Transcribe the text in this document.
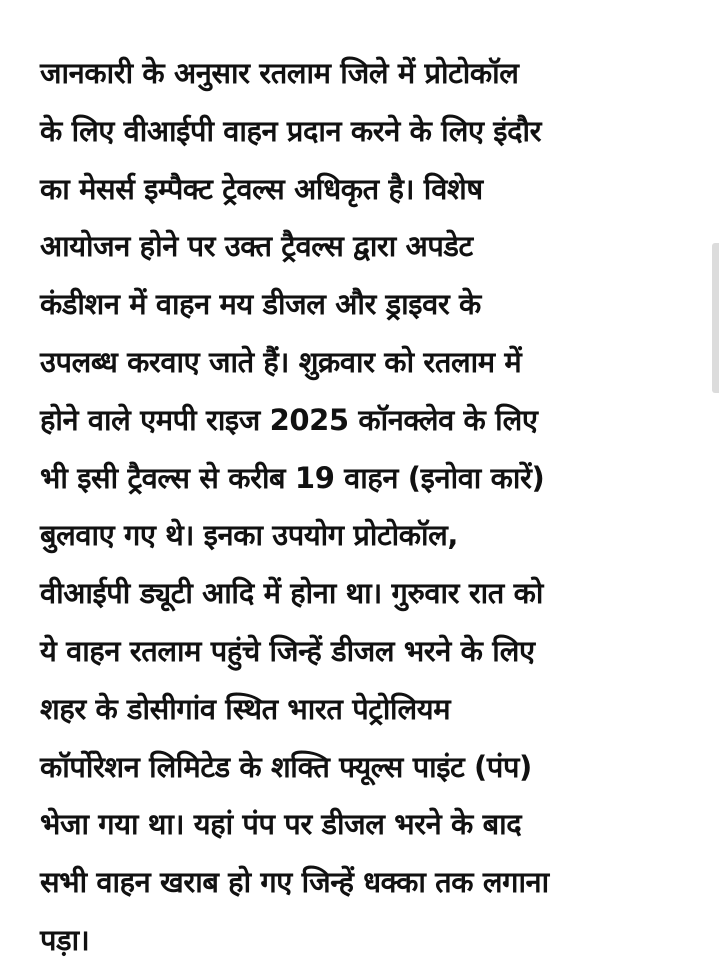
जानकारी के अनुसार रतलाम जिले में प्रोटोकॉल
के लिए वीआईपी वाहन प्रदान करने के लिए इंदौर
का मेसर्स इम्पैक्ट ट्रेवल्स अधिकृत है। विशेष
आयोजन होने पर उक्त ट्रैवल्स द्वारा अपडेट
कंडीशन में वाहन मय डीजल और ड्राइवर के
उपलब्ध करवाए जाते हैं। शुक्रवार को रतलाम में
होने वाले एमपी राइज 2025 कॉनक्लेव के लिए
भी इसी ट्रैवल्स से करीब 19 वाहन (इनोवा कारें)
बुलवाए गए थे। इनका उपयोग प्रोटोकॉल,
वीआईपी ड्यूटी आदि में होना था। गुरुवार रात को
ये वाहन रतलाम पहुंचे जिन्हें डीजल भरने के लिए
शहर के डोसीगांव स्थित भारत पेट्रोलियम
कॉर्पोरेशन लिमिटेड के शक्ति फ्यूल्स पाइंट (पंप)
भेजा गया था। यहां पंप पर डीजल भरने के बाद
सभी वाहन खराब हो गए जिन्हें धक्का तक लगाना
पड़ा।
